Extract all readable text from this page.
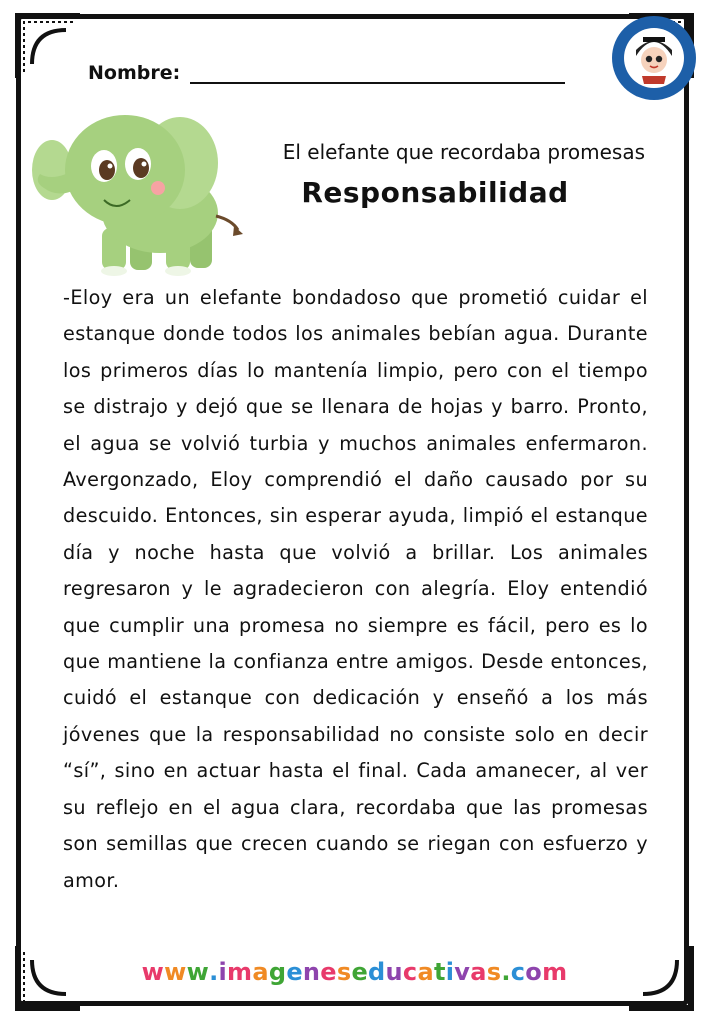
Nombre:
El elefante que recordaba promesas
Responsabilidad

-Eloy era un elefante bondadoso que prometió cuidar el estanque donde todos los animales bebían agua. Durante los primeros días lo mantenía limpio, pero con el tiempo se distrajo y dejó que se llenara de hojas y barro. Pronto, el agua se volvió turbia y muchos animales enfermaron. Avergonzado, Eloy comprendió el daño causado por su descuido. Entonces, sin esperar ayuda, limpió el estanque día y noche hasta que volvió a brillar. Los animales regresaron y le agradecieron con alegría. Eloy entendió que cumplir una promesa no siempre es fácil, pero es lo que mantiene la confianza entre amigos. Desde entonces, cuidó el estanque con dedicación y enseñó a los más jóvenes que la responsabilidad no consiste solo en decir “sí”, sino en actuar hasta el final. Cada amanecer, al ver su reflejo en el agua clara, recordaba que las promesas son semillas que crecen cuando se riegan con esfuerzo y amor.

www.imageneseducativas.com
